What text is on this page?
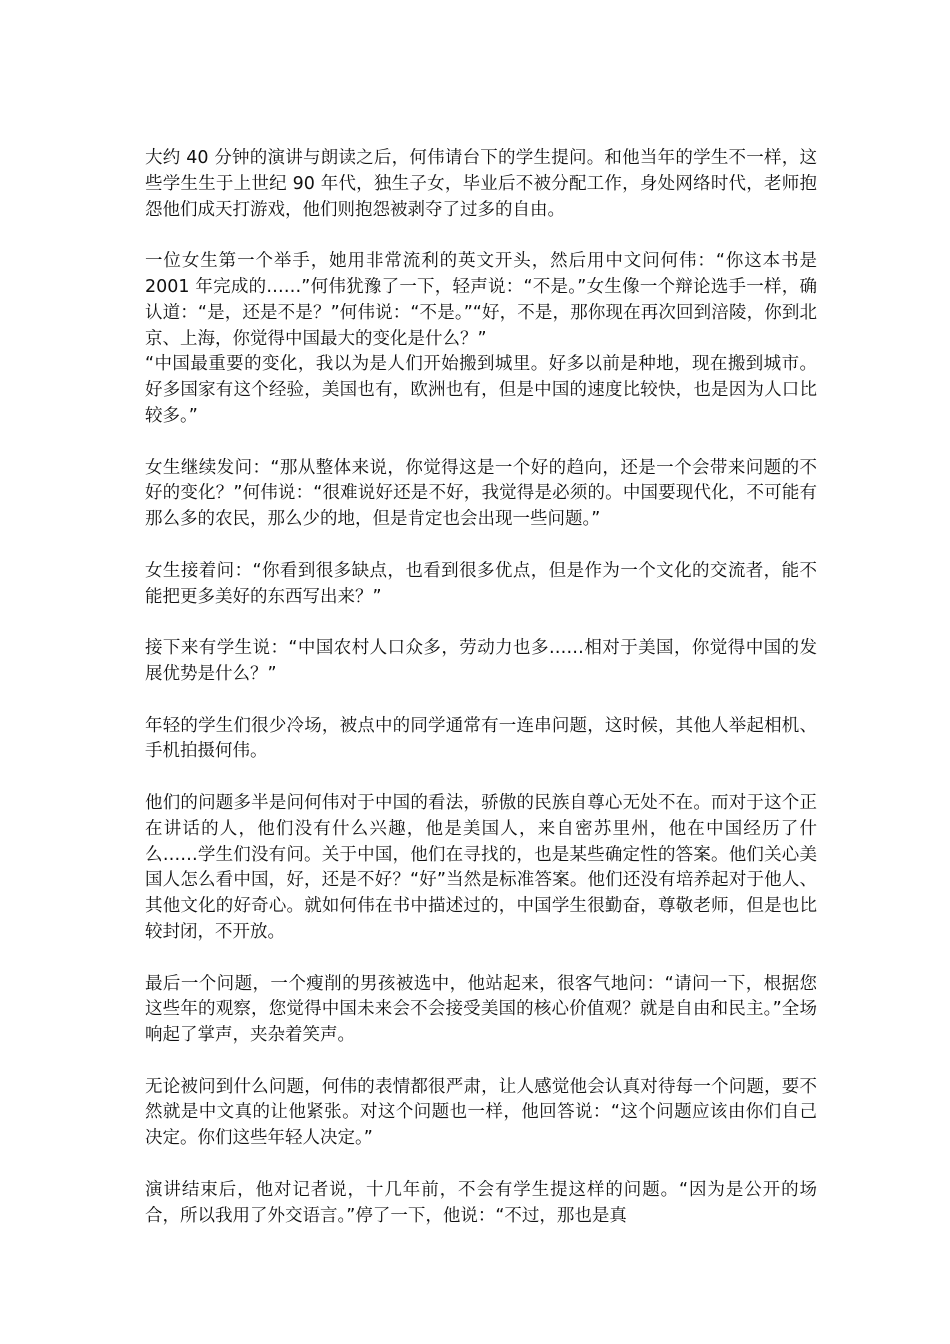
大约 40 分钟的演讲与朗读之后，何伟请台下的学生提问。和他当年的学生不一样，这些学生生于上世纪 90 年代，独生子女，毕业后不被分配工作，身处网络时代，老师抱怨他们成天打游戏，他们则抱怨被剥夺了过多的自由。

一位女生第一个举手，她用非常流利的英文开头，然后用中文问何伟：“你这本书是 2001 年完成的……”何伟犹豫了一下，轻声说：“不是。”女生像一个辩论选手一样，确认道：“是，还是不是？”何伟说：“不是。”“好，不是，那你现在再次回到涪陵，你到北京、上海，你觉得中国最大的变化是什么？”
“中国最重要的变化，我以为是人们开始搬到城里。好多以前是种地，现在搬到城市。好多国家有这个经验，美国也有，欧洲也有，但是中国的速度比较快，也是因为人口比较多。”

女生继续发问：“那从整体来说，你觉得这是一个好的趋向，还是一个会带来问题的不好的变化？”何伟说：“很难说好还是不好，我觉得是必须的。中国要现代化，不可能有那么多的农民，那么少的地，但是肯定也会出现一些问题。”

女生接着问：“你看到很多缺点，也看到很多优点，但是作为一个文化的交流者，能不能把更多美好的东西写出来？”

接下来有学生说：“中国农村人口众多，劳动力也多……相对于美国，你觉得中国的发展优势是什么？”

年轻的学生们很少冷场，被点中的同学通常有一连串问题，这时候，其他人举起相机、手机拍摄何伟。

他们的问题多半是问何伟对于中国的看法，骄傲的民族自尊心无处不在。而对于这个正在讲话的人，他们没有什么兴趣，他是美国人，来自密苏里州，他在中国经历了什么……学生们没有问。关于中国，他们在寻找的，也是某些确定性的答案。他们关心美国人怎么看中国，好，还是不好？“好”当然是标准答案。他们还没有培养起对于他人、其他文化的好奇心。就如何伟在书中描述过的，中国学生很勤奋，尊敬老师，但是也比较封闭，不开放。

最后一个问题，一个瘦削的男孩被选中，他站起来，很客气地问：“请问一下，根据您这些年的观察，您觉得中国未来会不会接受美国的核心价值观？就是自由和民主。”全场响起了掌声，夹杂着笑声。

无论被问到什么问题，何伟的表情都很严肃，让人感觉他会认真对待每一个问题，要不然就是中文真的让他紧张。对这个问题也一样，他回答说：“这个问题应该由你们自己决定。你们这些年轻人决定。”

演讲结束后，他对记者说，十几年前，不会有学生提这样的问题。“因为是公开的场合，所以我用了外交语言。”停了一下，他说：“不过，那也是真
